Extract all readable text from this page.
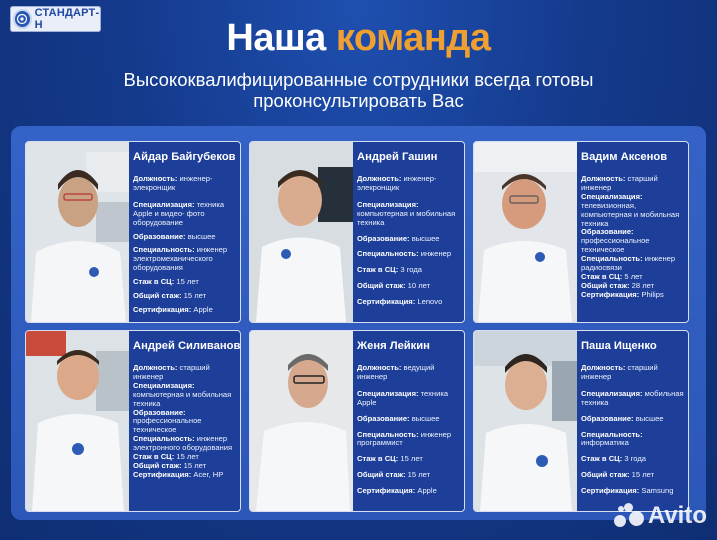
СТАНДАРТ-Н	Наша команда
Высококвалифицированные сотрудники всегда готовы проконсультировать Вас
Айдар Байгубеков
Должность: инженер-элекронщик
Специализация: техника Apple и видео- фото оборудование
Образование: высшее
Специальность: инженер электромеханического оборудования
Стаж в СЦ: 15 лет
Общий стаж: 15 лет
Сертификация: Apple
Андрей Гашин
Должность: инженер-элекронщик
Специализация: компьютерная и мобильная техника
Образование: высшее
Специальность: инженер
Стаж в СЦ: 3 года
Общий стаж: 10 лет
Сертификация: Lenovo
Вадим Аксенов
Должность: старший инженер
Специализация: телевизионная, компьютерная и мобильная техника
Образование: профессиональное техническое
Специальность: инженер радиосвязи
Стаж в СЦ: 5 лет
Общий стаж: 28 лет
Сертификация: Philips
Андрей Силиванов
Должность: старший инженер
Специализация: компьютерная и мобильная техника
Образование: профессиональное техническое
Специальность: инженер электронного оборудования
Стаж в СЦ: 15 лет
Общий стаж: 15 лет
Сертификация: Acer, HP
Женя Лейкин
Должность: ведущий инженер
Специализация: техника Apple
Образование: высшее
Специальность: инженер программист
Стаж в СЦ: 15 лет
Общий стаж: 15 лет
Сертификация: Apple
Паша Ищенко
Должность: старший инженер
Специализация: мобильная техника
Образование: высшее
Специальность: информатика
Стаж в СЦ: 3 года
Общий стаж: 15 лет
Сертификация: Samsung
Avito
